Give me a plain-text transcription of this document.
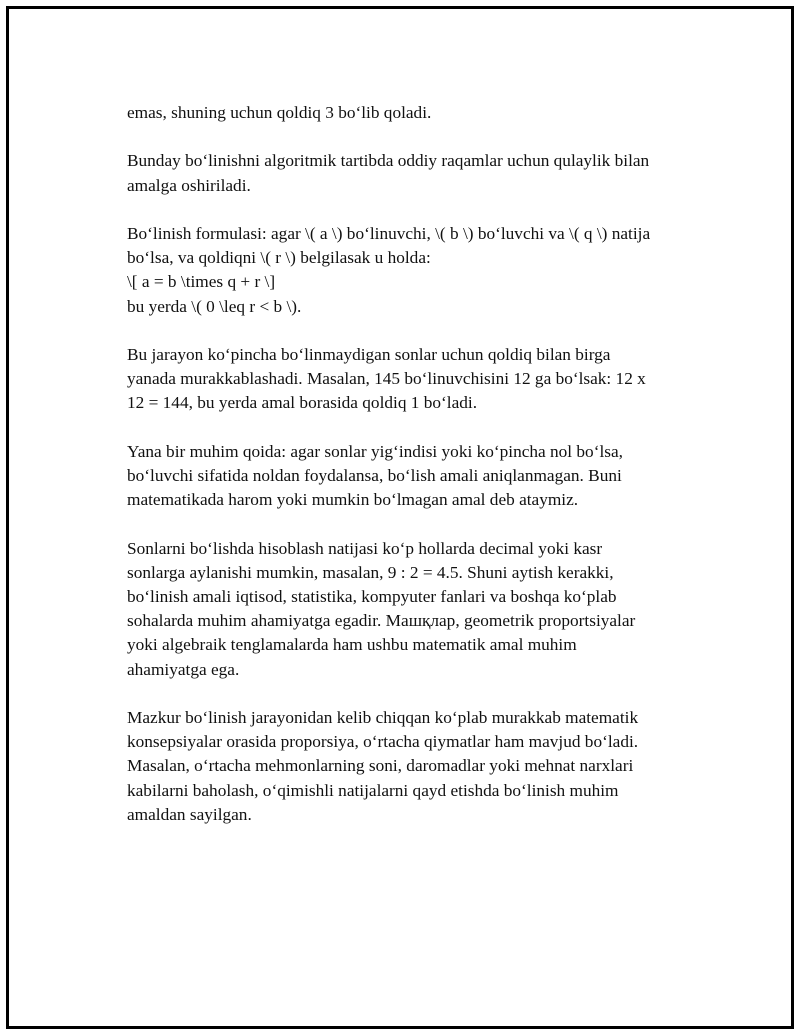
emas, shuning uchun qoldiq 3 bo‘lib qoladi.

Bunday bo‘linishni algoritmik tartibda oddiy raqamlar uchun qulaylik bilan
amalga oshiriladi.

Bo‘linish formulasi: agar \( a \) bo‘linuvchi, \( b \) bo‘luvchi va \( q \) natija
bo‘lsa, va qoldiqni \( r \) belgilasak u holda:
\[ a = b \times q + r \]
bu yerda \( 0 \leq r < b \).

Bu jarayon ko‘pincha bo‘linmaydigan sonlar uchun qoldiq bilan birga
yanada murakkablashadi. Masalan, 145 bo‘linuvchisini 12 ga bo‘lsak: 12 x
12 = 144, bu yerda amal borasida qoldiq 1 bo‘ladi.

Yana bir muhim qoida: agar sonlar yig‘indisi yoki ko‘pincha nol bo‘lsa,
bo‘luvchi sifatida noldan foydalansa, bo‘lish amali aniqlanmagan. Buni
matematikada harom yoki mumkin bo‘lmagan amal deb ataymiz.

Sonlarni bo‘lishda hisoblash natijasi ko‘p hollarda decimal yoki kasr
sonlarga aylanishi mumkin, masalan, 9 : 2 = 4.5. Shuni aytish kerakki,
bo‘linish amali iqtisod, statistika, kompyuter fanlari va boshqa ko‘plab
sohalarda muhim ahamiyatga egadir. Машқлар, geometrik proportsiyalar
yoki algebraik tenglamalarda ham ushbu matematik amal muhim
ahamiyatga ega.

Mazkur bo‘linish jarayonidan kelib chiqqan ko‘plab murakkab matematik
konsepsiyalar orasida proporsiya, o‘rtacha qiymatlar ham mavjud bo‘ladi.
Masalan, o‘rtacha mehmonlarning soni, daromadlar yoki mehnat narxlari
kabilarni baholash, o‘qimishli natijalarni qayd etishda bo‘linish muhim
amaldan sayilgan.
